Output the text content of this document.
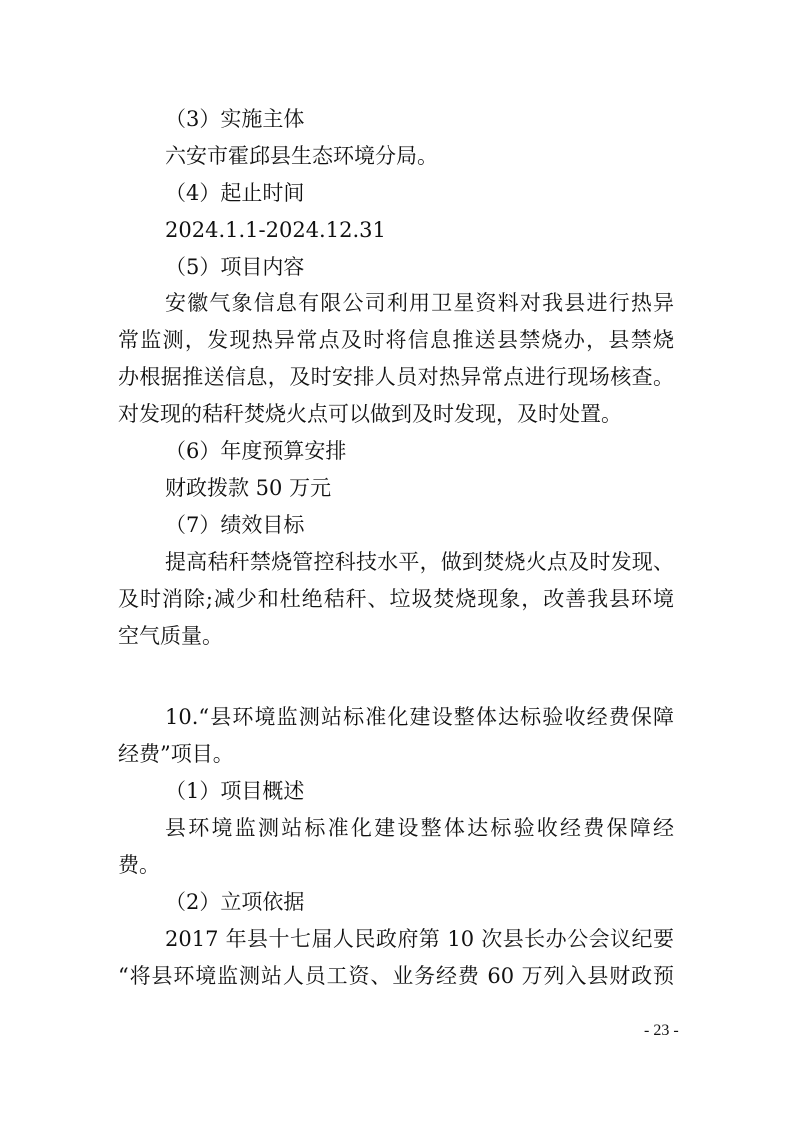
（3）实施主体
六安市霍邱县生态环境分局。
（4）起止时间
2024.1.1-2024.12.31
（5）项目内容
安徽气象信息有限公司利用卫星资料对我县进行热异
常监测，发现热异常点及时将信息推送县禁烧办，县禁烧
办根据推送信息，及时安排人员对热异常点进行现场核查。
对发现的秸秆焚烧火点可以做到及时发现，及时处置。
（6）年度预算安排
财政拨款 50 万元
（7）绩效目标
提高秸秆禁烧管控科技水平，做到焚烧火点及时发现、
及时消除;减少和杜绝秸秆、垃圾焚烧现象，改善我县环境
空气质量。
10.“县环境监测站标准化建设整体达标验收经费保障
经费”项目。
（1）项目概述
县环境监测站标准化建设整体达标验收经费保障经
费。
（2）立项依据
2017 年县十七届人民政府第 10 次县长办公会议纪要
“将县环境监测站人员工资、业务经费 60 万列入县财政预
- 23 -
